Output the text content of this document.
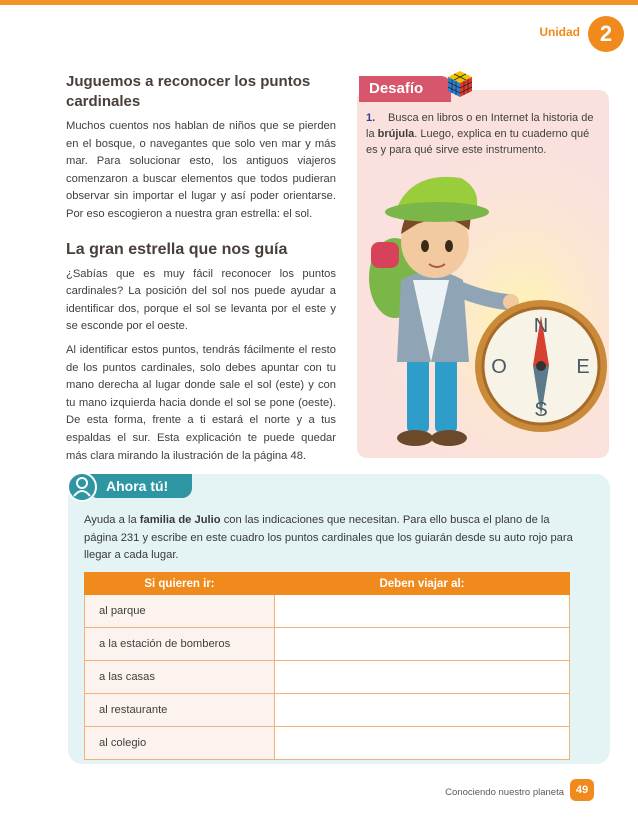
Unidad 2
Juguemos a reconocer los puntos cardinales

Muchos cuentos nos hablan de niños que se pierden en el bosque, o navegantes que solo ven mar y más mar. Para solucionar esto, los antiguos viajeros comenzaron a buscar elementos que todos pudieran observar sin importar el lugar y así poder orientarse. Por eso escogieron a nuestra gran estrella: el sol.

La gran estrella que nos guía

¿Sabías que es muy fácil reconocer los puntos cardinales? La posición del sol nos puede ayudar a identificar dos, porque el sol se levanta por el este y se esconde por el oeste.

Al identificar estos puntos, tendrás fácilmente el resto de los puntos cardinales, solo debes apuntar con tu mano derecha al lugar donde sale el sol (este) y con tu mano izquierda hacia donde el sol se pone (oeste). De esta forma, frente a ti estará el norte y a tus espaldas el sur. Esta explicación te puede quedar más clara mirando la ilustración de la página 48.

Desafío
1. Busca en libros o en Internet la historia de la brújula. Luego, explica en tu cuaderno qué
N
S
E
O
Ahora tú!
Ayuda a la familia de Julio con las indicaciones que necesitan. Para ello busca el plano de la página 231 y escribe en este cuadro los puntos cardinales que los guiarán desde su auto rojo para llegar a cada lugar.
Si quieren ir:	Deben viajar al:
al parque	
a la estación de bomberos	
a las casas	
al restaurante	
al colegio	
Conociendo nuestro planeta	49
